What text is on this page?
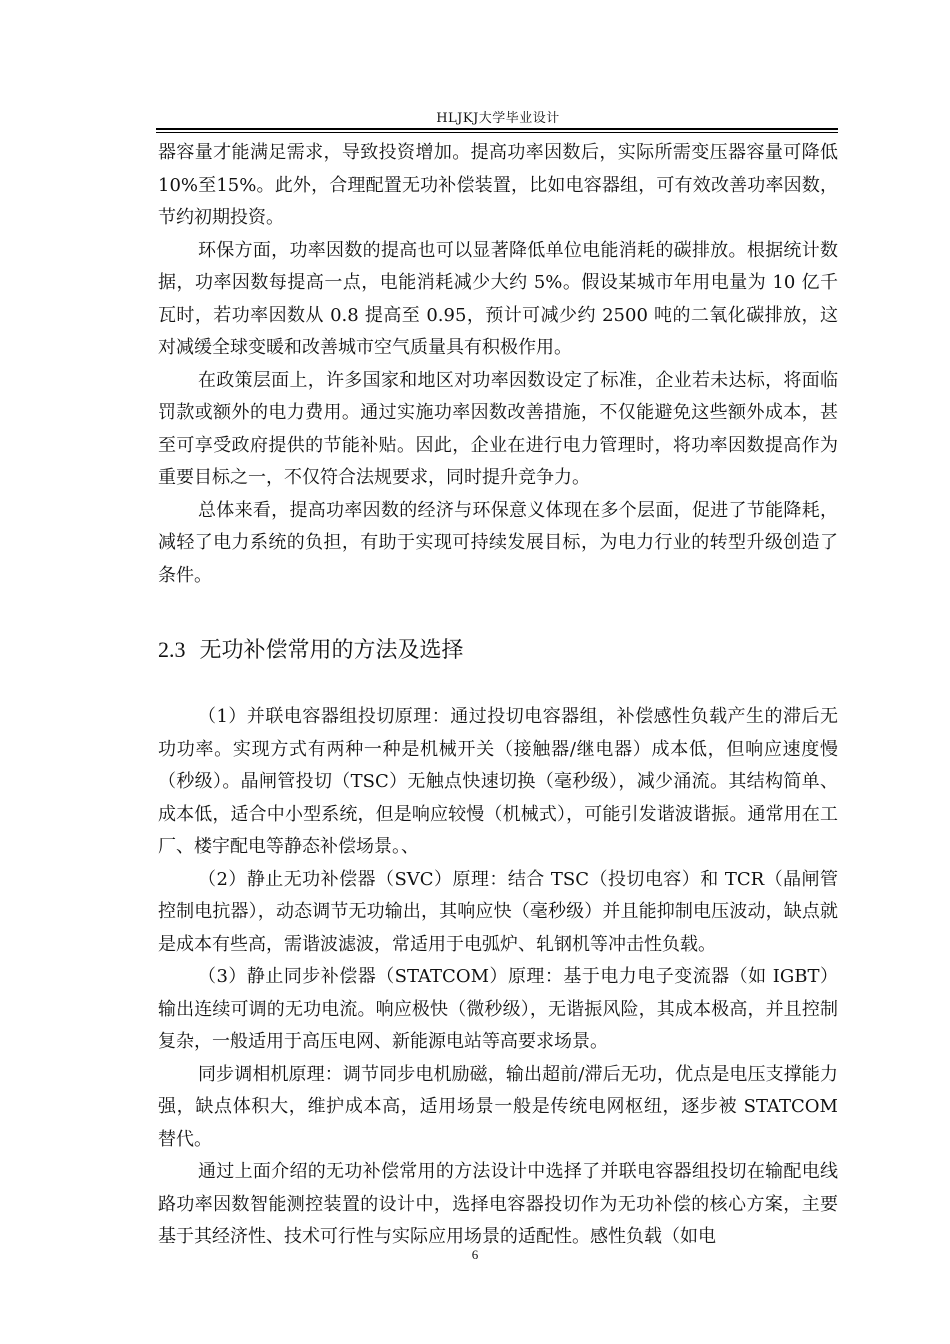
HLJKJ大学毕业设计

器容量才能满足需求，导致投资增加。提高功率因数后，实际所需变压器容量可降低10%至15%。此外，合理配置无功补偿装置，比如电容器组，可有效改善功率因数，节约初期投资。

环保方面，功率因数的提高也可以显著降低单位电能消耗的碳排放。根据统计数据，功率因数每提高一点，电能消耗减少大约 5%。假设某城市年用电量为 10 亿千瓦时，若功率因数从 0.8 提高至 0.95，预计可减少约 2500 吨的二氧化碳排放，这对减缓全球变暖和改善城市空气质量具有积极作用。

在政策层面上，许多国家和地区对功率因数设定了标准，企业若未达标，将面临罚款或额外的电力费用。通过实施功率因数改善措施，不仅能避免这些额外成本，甚至可享受政府提供的节能补贴。因此，企业在进行电力管理时，将功率因数提高作为重要目标之一，不仅符合法规要求，同时提升竞争力。

总体来看，提高功率因数的经济与环保意义体现在多个层面，促进了节能降耗，减轻了电力系统的负担，有助于实现可持续发展目标，为电力行业的转型升级创造了条件。

2.3 无功补偿常用的方法及选择

（1）并联电容器组投切原理：通过投切电容器组，补偿感性负载产生的滞后无功功率。实现方式有两种一种是机械开关（接触器/继电器）成本低，但响应速度慢（秒级）。晶闸管投切（TSC）无触点快速切换（毫秒级），减少涌流。其结构简单、成本低，适合中小型系统，但是响应较慢（机械式），可能引发谐波谐振。通常用在工厂、楼宇配电等静态补偿场景。、

（2）静止无功补偿器（SVC）原理：结合 TSC（投切电容）和 TCR（晶闸管控制电抗器），动态调节无功输出，其响应快（毫秒级）并且能抑制电压波动，缺点就是成本有些高，需谐波滤波，常适用于电弧炉、轧钢机等冲击性负载。

（3）静止同步补偿器（STATCOM）原理：基于电力电子变流器（如 IGBT）输出连续可调的无功电流。响应极快（微秒级），无谐振风险，其成本极高，并且控制复杂，一般适用于高压电网、新能源电站等高要求场景。

同步调相机原理：调节同步电机励磁，输出超前/滞后无功，优点是电压支撑能力强，缺点体积大，维护成本高，适用场景一般是传统电网枢纽，逐步被 STATCOM 替代。

通过上面介绍的无功补偿常用的方法设计中选择了并联电容器组投切在输配电线路功率因数智能测控装置的设计中，选择电容器投切作为无功补偿的核心方案，主要基于其经济性、技术可行性与实际应用场景的适配性。感性负载（如电

6
